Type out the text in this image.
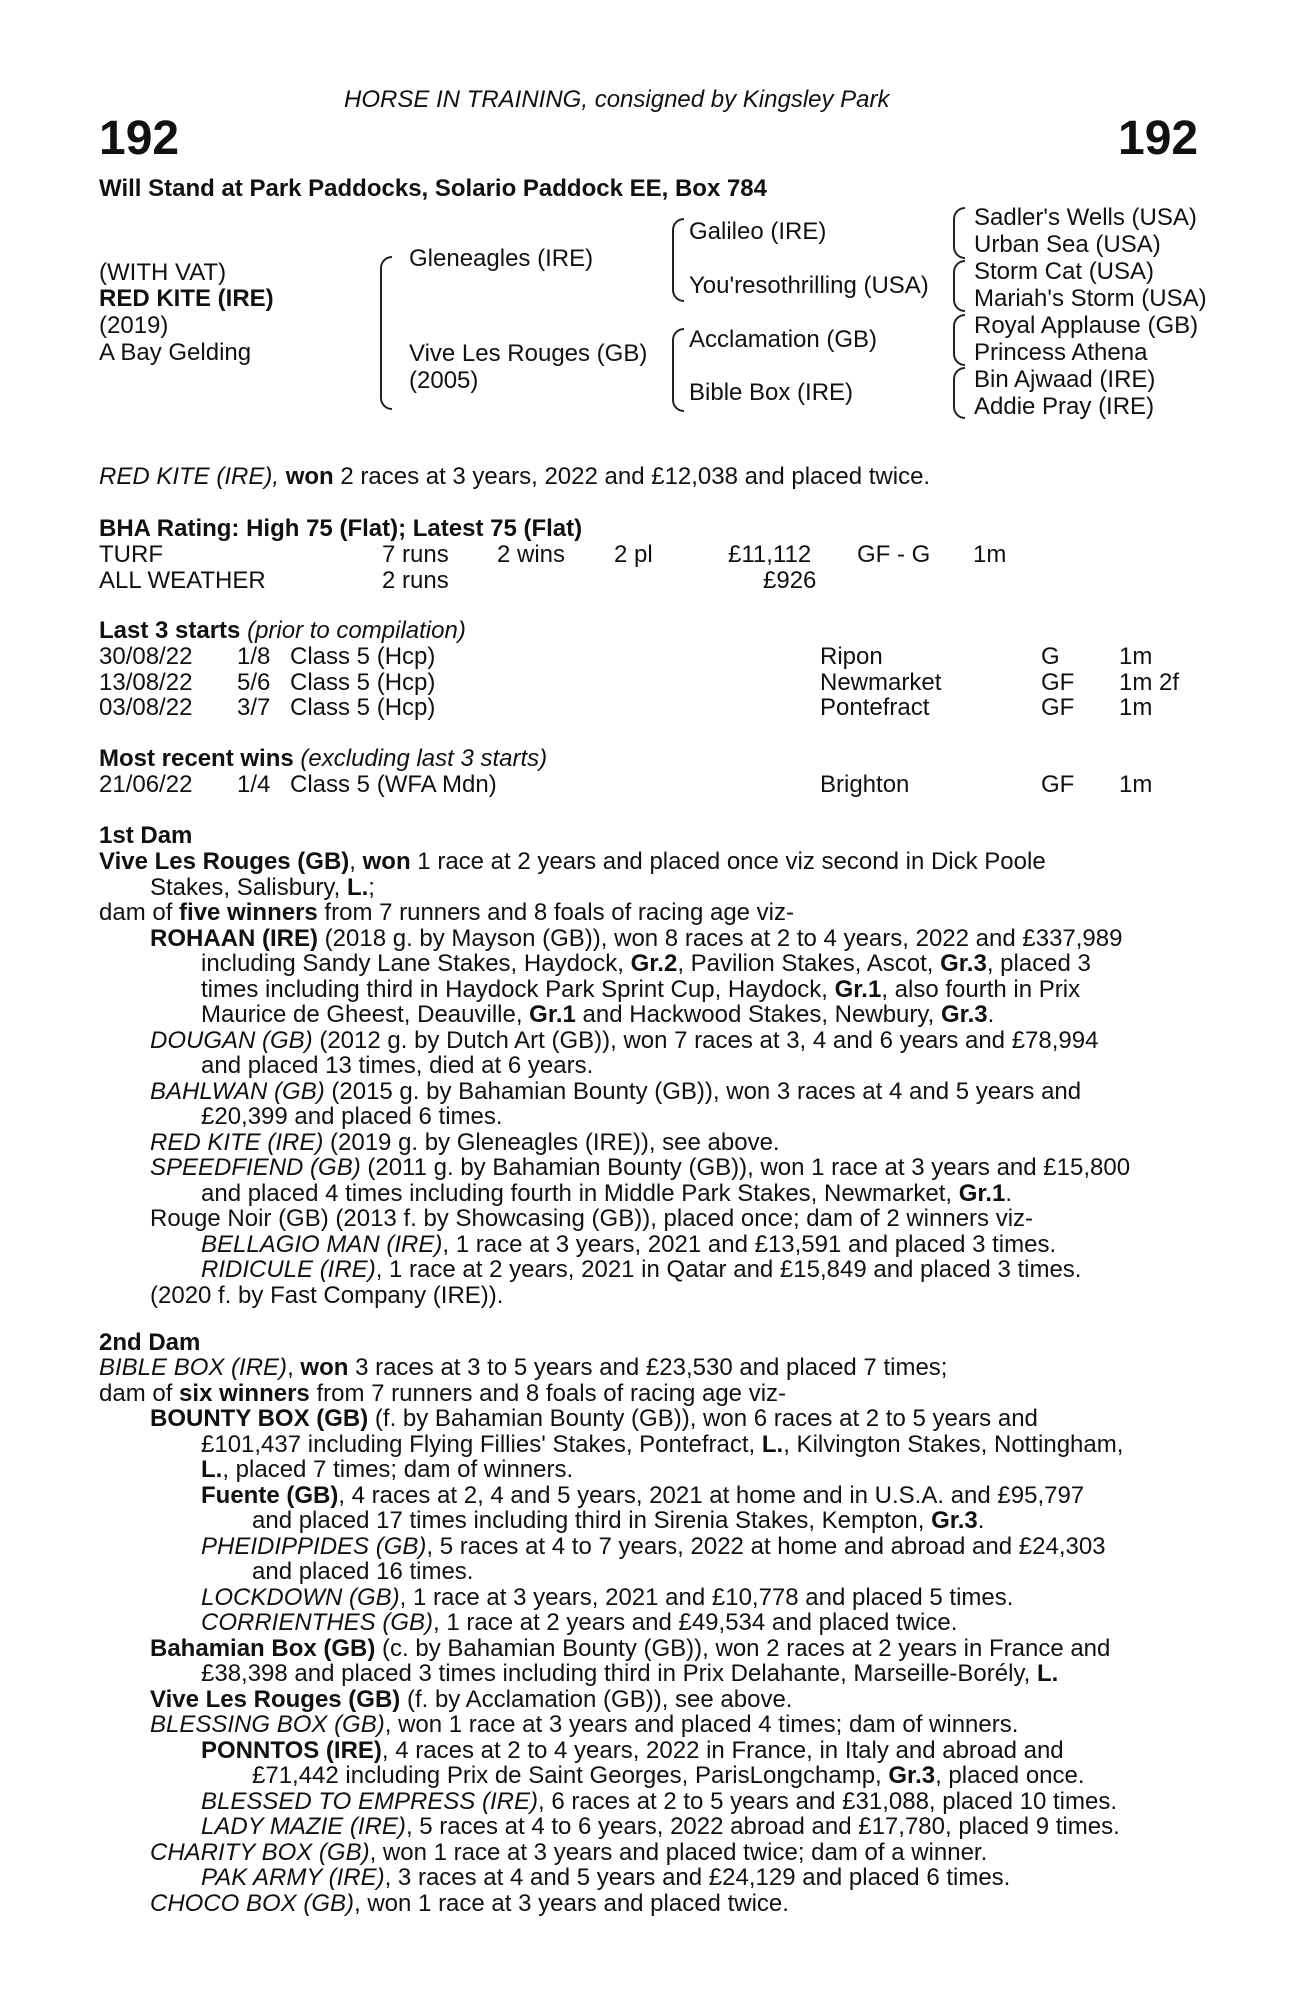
HORSE IN TRAINING, consigned by Kingsley Park
192	192
Will Stand at Park Paddocks, Solario Paddock EE, Box 784
(WITH VAT)
RED KITE (IRE)
(2019)
A Bay Gelding
Gleneagles (IRE)
Vive Les Rouges (GB)
(2005)
Galileo (IRE)
You'resothrilling (USA)
Acclamation (GB)
Bible Box (IRE)
Sadler's Wells (USA)
Urban Sea (USA)
Storm Cat (USA)
Mariah's Storm (USA)
Royal Applause (GB)
Princess Athena
Bin Ajwaad (IRE)
Addie Pray (IRE)
RED KITE (IRE), won 2 races at 3 years, 2022 and £12,038 and placed twice.
BHA Rating: High 75 (Flat); Latest 75 (Flat)
TURF	7 runs 2 wins 2 pl	£11,112 GF - G 1m
ALL WEATHER	2 runs	£926
Last 3 starts (prior to compilation)
30/08/22 1/8 Class 5 (Hcp)	Ripon	G 1m
13/08/22 5/6 Class 5 (Hcp)	Newmarket	GF 1m 2f
03/08/22 3/7 Class 5 (Hcp)	Pontefract	GF 1m
Most recent wins (excluding last 3 starts)
21/06/22 1/4 Class 5 (WFA Mdn)	Brighton	GF 1m
1st Dam
Vive Les Rouges (GB), won 1 race at 2 years and placed once viz second in Dick Poole
Stakes, Salisbury, L.;
dam of five winners from 7 runners and 8 foals of racing age viz-
ROHAAN (IRE) (2018 g. by Mayson (GB)), won 8 races at 2 to 4 years, 2022 and £337,989
including Sandy Lane Stakes, Haydock, Gr.2, Pavilion Stakes, Ascot, Gr.3, placed 3
times including third in Haydock Park Sprint Cup, Haydock, Gr.1, also fourth in Prix
Maurice de Gheest, Deauville, Gr.1 and Hackwood Stakes, Newbury, Gr.3.
DOUGAN (GB) (2012 g. by Dutch Art (GB)), won 7 races at 3, 4 and 6 years and £78,994
and placed 13 times, died at 6 years.
BAHLWAN (GB) (2015 g. by Bahamian Bounty (GB)), won 3 races at 4 and 5 years and
£20,399 and placed 6 times.
RED KITE (IRE) (2019 g. by Gleneagles (IRE)), see above.
SPEEDFIEND (GB) (2011 g. by Bahamian Bounty (GB)), won 1 race at 3 years and £15,800
and placed 4 times including fourth in Middle Park Stakes, Newmarket, Gr.1.
Rouge Noir (GB) (2013 f. by Showcasing (GB)), placed once; dam of 2 winners viz-
BELLAGIO MAN (IRE), 1 race at 3 years, 2021 and £13,591 and placed 3 times.
RIDICULE (IRE), 1 race at 2 years, 2021 in Qatar and £15,849 and placed 3 times.
(2020 f. by Fast Company (IRE)).
2nd Dam
BIBLE BOX (IRE), won 3 races at 3 to 5 years and £23,530 and placed 7 times;
dam of six winners from 7 runners and 8 foals of racing age viz-
BOUNTY BOX (GB) (f. by Bahamian Bounty (GB)), won 6 races at 2 to 5 years and
£101,437 including Flying Fillies' Stakes, Pontefract, L., Kilvington Stakes, Nottingham,
L., placed 7 times; dam of winners.
Fuente (GB), 4 races at 2, 4 and 5 years, 2021 at home and in U.S.A. and £95,797
and placed 17 times including third in Sirenia Stakes, Kempton, Gr.3.
PHEIDIPPIDES (GB), 5 races at 4 to 7 years, 2022 at home and abroad and £24,303
and placed 16 times.
LOCKDOWN (GB), 1 race at 3 years, 2021 and £10,778 and placed 5 times.
CORRIENTHES (GB), 1 race at 2 years and £49,534 and placed twice.
Bahamian Box (GB) (c. by Bahamian Bounty (GB)), won 2 races at 2 years in France and
£38,398 and placed 3 times including third in Prix Delahante, Marseille-Borély, L.
Vive Les Rouges (GB) (f. by Acclamation (GB)), see above.
BLESSING BOX (GB), won 1 race at 3 years and placed 4 times; dam of winners.
PONNTOS (IRE), 4 races at 2 to 4 years, 2022 in France, in Italy and abroad and
£71,442 including Prix de Saint Georges, ParisLongchamp, Gr.3, placed once.
BLESSED TO EMPRESS (IRE), 6 races at 2 to 5 years and £31,088, placed 10 times.
LADY MAZIE (IRE), 5 races at 4 to 6 years, 2022 abroad and £17,780, placed 9 times.
CHARITY BOX (GB), won 1 race at 3 years and placed twice; dam of a winner.
PAK ARMY (IRE), 3 races at 4 and 5 years and £24,129 and placed 6 times.
CHOCO BOX (GB), won 1 race at 3 years and placed twice.
